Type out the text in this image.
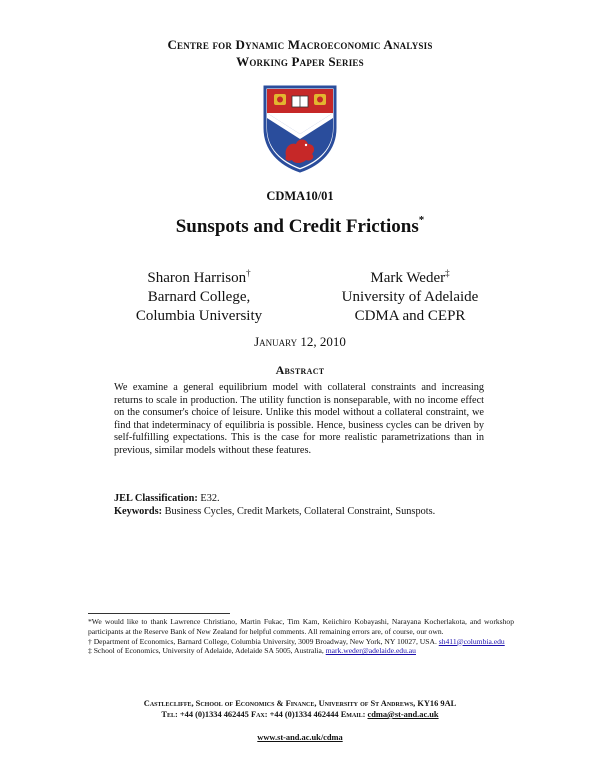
Centre for Dynamic Macroeconomic Analysis
Working Paper Series
CDMA10/01
Sunspots and Credit Frictions*
Sharon Harrison†
Barnard College,
Columbia University
Mark Weder‡
University of Adelaide
CDMA and CEPR
January 12, 2010
Abstract
We examine a general equilibrium model with collateral constraints and increasing returns to scale in production. The utility function is nonseparable, with no income effect on the consumer's choice of leisure. Unlike this model without a collateral constraint, we find that indeterminacy of equilibria is possible. Hence, business cycles can be driven by self-fulfilling expectations. This is the case for more realistic parametrizations than in previous, similar models without these features.
JEL Classification: E32.
Keywords: Business Cycles, Credit Markets, Collateral Constraint, Sunspots.

*We would like to thank Lawrence Christiano, Martin Fukac, Tim Kam, Keiichiro Kobayashi, Narayana Kocherlakota, and workshop participants at the Reserve Bank of New Zealand for helpful comments. All remaining errors are, of course, our own.

† Department of Economics, Barnard College, Columbia University, 3009 Broadway, New York, NY 10027, USA. sh411@columbia.edu

‡ School of Economics, University of Adelaide, Adelaide SA 5005, Australia, mark.weder@adelaide.edu.au

Castlecliffe, School of Economics & Finance, University of St Andrews, KY16 9AL
Tel: +44 (0)1334 462445 Fax: +44 (0)1334 462444 Email: cdma@st-and.ac.uk
www.st-and.ac.uk/cdma
